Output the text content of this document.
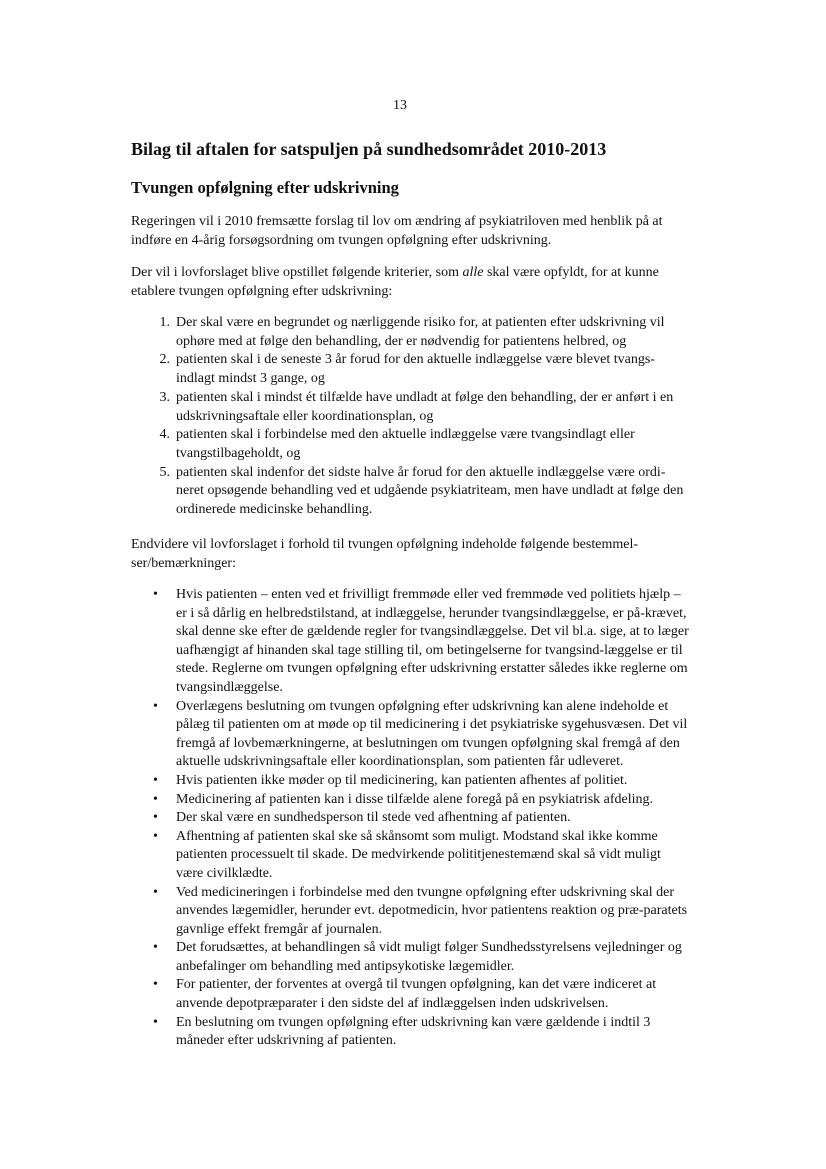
13
Bilag til aftalen for satspuljen på sundhedsområdet 2010-2013
Tvungen opfølgning efter udskrivning

Regeringen vil i 2010 fremsætte forslag til lov om ændring af psykiatriloven med henblik på at indføre en 4-årig forsøgsordning om tvungen opfølgning efter udskrivning.

Der vil i lovforslaget blive opstillet følgende kriterier, som alle skal være opfyldt, for at kunne etablere tvungen opfølgning efter udskrivning:

1. Der skal være en begrundet og nærliggende risiko for, at patienten efter udskrivning vil ophøre med at følge den behandling, der er nødvendig for patientens helbred, og
2. patienten skal i de seneste 3 år forud for den aktuelle indlæggelse være blevet tvangs-indlagt mindst 3 gange, og
3. patienten skal i mindst ét tilfælde have undladt at følge den behandling, der er anført i en udskrivningsaftale eller koordinationsplan, og
4. patienten skal i forbindelse med den aktuelle indlæggelse være tvangsindlagt eller tvangstilbageholdt, og
5. patienten skal indenfor det sidste halve år forud for den aktuelle indlæggelse være ordi-neret opsøgende behandling ved et udgående psykiatriteam, men have undladt at følge den ordinerede medicinske behandling.

Endvidere vil lovforslaget i forhold til tvungen opfølgning indeholde følgende bestemmel-ser/bemærkninger:

• Hvis patienten – enten ved et frivilligt fremmøde eller ved fremmøde ved politiets hjælp – er i så dårlig en helbredstilstand, at indlæggelse, herunder tvangsindlæggelse, er på-krævet, skal denne ske efter de gældende regler for tvangsindlæggelse. Det vil bl.a. sige, at to læger uafhængigt af hinanden skal tage stilling til, om betingelserne for tvangsind-læggelse er til stede. Reglerne om tvungen opfølgning efter udskrivning erstatter således ikke reglerne om tvangsindlæggelse.
• Overlægens beslutning om tvungen opfølgning efter udskrivning kan alene indeholde et pålæg til patienten om at møde op til medicinering i det psykiatriske sygehusvæsen. Det vil fremgå af lovbemærkningerne, at beslutningen om tvungen opfølgning skal fremgå af den aktuelle udskrivningsaftale eller koordinationsplan, som patienten får udleveret.
• Hvis patienten ikke møder op til medicinering, kan patienten afhentes af politiet.
• Medicinering af patienten kan i disse tilfælde alene foregå på en psykiatrisk afdeling.
• Der skal være en sundhedsperson til stede ved afhentning af patienten.
• Afhentning af patienten skal ske så skånsomt som muligt. Modstand skal ikke komme patienten processuelt til skade. De medvirkende polititjenestemænd skal så vidt muligt være civilklædte.
• Ved medicineringen i forbindelse med den tvungne opfølgning efter udskrivning skal der anvendes lægemidler, herunder evt. depotmedicin, hvor patientens reaktion og præ-paratets gavnlige effekt fremgår af journalen.
• Det forudsættes, at behandlingen så vidt muligt følger Sundhedsstyrelsens vejledninger og anbefalinger om behandling med antipsykotiske lægemidler.
• For patienter, der forventes at overgå til tvungen opfølgning, kan det være indiceret at anvende depotpræparater i den sidste del af indlæggelsen inden udskrivelsen.
• En beslutning om tvungen opfølgning efter udskrivning kan være gældende i indtil 3 måneder efter udskrivning af patienten.
